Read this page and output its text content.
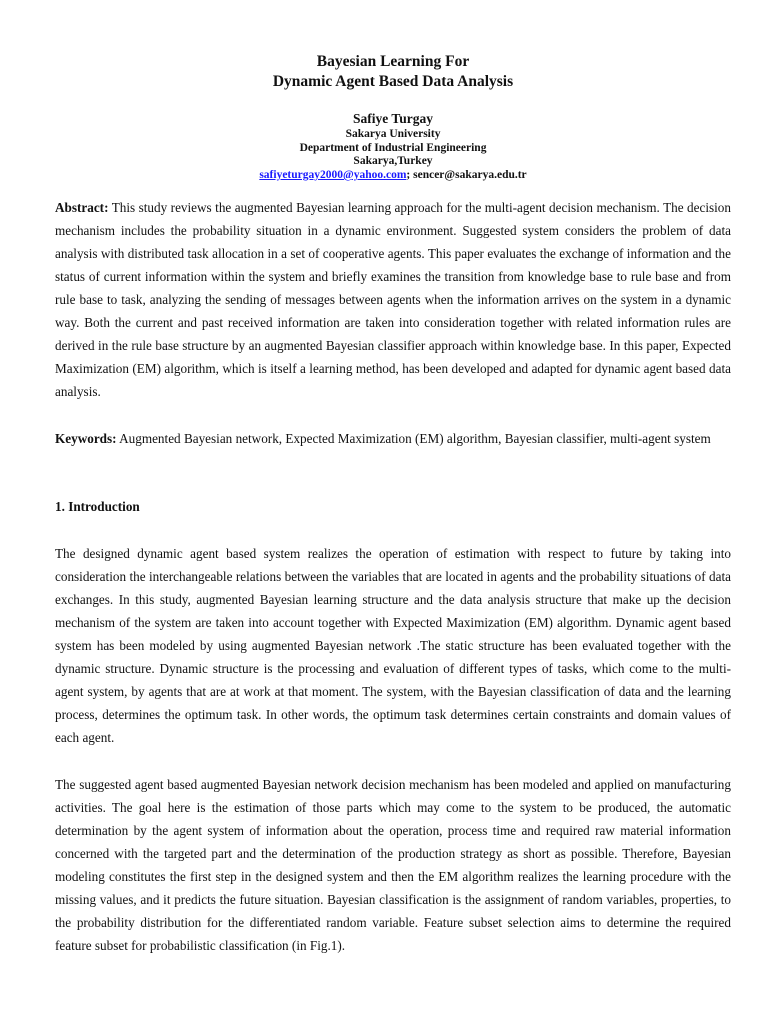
Bayesian Learning For
Dynamic Agent Based Data Analysis
Safiye Turgay
Sakarya University
Department of Industrial Engineering
Sakarya,Turkey
safiyeturgay2000@yahoo.com; sencer@sakarya.edu.tr

Abstract: This study reviews the augmented Bayesian learning approach for the multi-agent decision mechanism. The decision mechanism includes the probability situation in a dynamic environment. Suggested system considers the problem of data analysis with distributed task allocation in a set of cooperative agents. This paper evaluates the exchange of information and the status of current information within the system and briefly examines the transition from knowledge base to rule base and from rule base to task, analyzing the sending of messages between agents when the information arrives on the system in a dynamic way. Both the current and past received information are taken into consideration together with related information rules are derived in the rule base structure by an augmented Bayesian classifier approach within knowledge base. In this paper, Expected Maximization (EM) algorithm, which is itself a learning method, has been developed and adapted for dynamic agent based data analysis.

Keywords: Augmented Bayesian network, Expected Maximization (EM) algorithm, Bayesian classifier, multi-agent system

1. Introduction

The designed dynamic agent based system realizes the operation of estimation with respect to future by taking into consideration the interchangeable relations between the variables that are located in agents and the probability situations of data exchanges. In this study, augmented Bayesian learning structure and the data analysis structure that make up the decision mechanism of the system are taken into account together with Expected Maximization (EM) algorithm. Dynamic agent based system has been modeled by using augmented Bayesian network .The static structure has been evaluated together with the dynamic structure. Dynamic structure is the processing and evaluation of different types of tasks, which come to the multi-agent system, by agents that are at work at that moment. The system, with the Bayesian classification of data and the learning process, determines the optimum task. In other words, the optimum task determines certain constraints and domain values of each agent.

The suggested agent based augmented Bayesian network decision mechanism has been modeled and applied on manufacturing activities. The goal here is the estimation of those parts which may come to the system to be produced, the automatic determination by the agent system of information about the operation, process time and required raw material information concerned with the targeted part and the determination of the production strategy as short as possible. Therefore, Bayesian modeling constitutes the first step in the designed system and then the EM algorithm realizes the learning procedure with the missing values, and it predicts the future situation. Bayesian classification is the assignment of random variables, properties, to the probability distribution for the differentiated random variable. Feature subset selection aims to determine the required feature subset for probabilistic classification (in Fig.1).
